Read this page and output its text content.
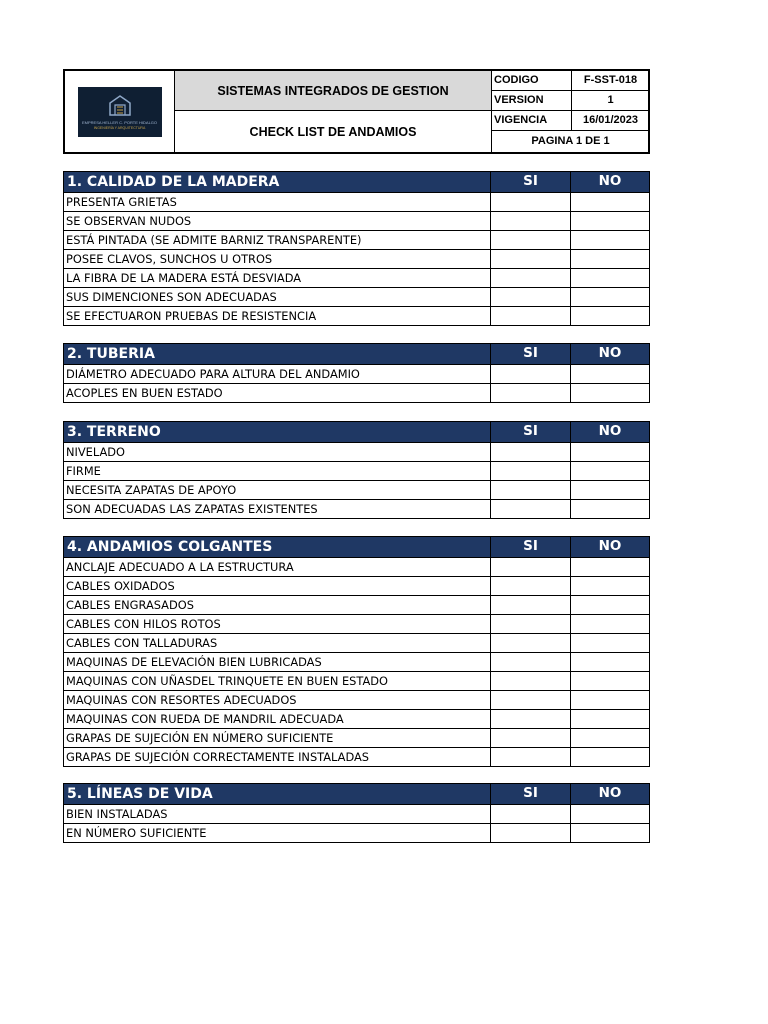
EMPRESA HELLER C. PORTE HIDALGO
INGENIERÍA Y ARQUITECTURA
SISTEMAS INTEGRADOS DE GESTION
CHECK LIST DE ANDAMIOS
CODIGO	F-SST-018
VERSION	1
VIGENCIA	16/01/2023
PAGINA 1 DE 1
1. CALIDAD DE LA MADERA	SI	NO
PRESENTA GRIETAS
SE OBSERVAN NUDOS
ESTÁ PINTADA (SE ADMITE BARNIZ TRANSPARENTE)
POSEE CLAVOS, SUNCHOS U OTROS
LA FIBRA DE LA MADERA ESTÁ DESVIADA
SUS DIMENCIONES SON ADECUADAS
SE EFECTUARON PRUEBAS DE RESISTENCIA
2. TUBERIA	SI	NO
DIÁMETRO ADECUADO PARA ALTURA DEL ANDAMIO
ACOPLES EN BUEN ESTADO
3. TERRENO	SI	NO
NIVELADO
FIRME
NECESITA ZAPATAS DE APOYO
SON ADECUADAS LAS ZAPATAS EXISTENTES
4. ANDAMIOS COLGANTES	SI	NO
ANCLAJE ADECUADO A LA ESTRUCTURA
CABLES OXIDADOS
CABLES ENGRASADOS
CABLES CON HILOS ROTOS
CABLES CON TALLADURAS
MAQUINAS DE ELEVACIÓN BIEN LUBRICADAS
MAQUINAS CON UÑASDEL TRINQUETE EN BUEN ESTADO
MAQUINAS CON RESORTES ADECUADOS
MAQUINAS CON RUEDA DE MANDRIL ADECUADA
GRAPAS DE SUJECIÓN EN NÚMERO SUFICIENTE
GRAPAS DE SUJECIÓN CORRECTAMENTE INSTALADAS
5. LÍNEAS DE VIDA	SI	NO
BIEN INSTALADAS
EN NÚMERO SUFICIENTE
